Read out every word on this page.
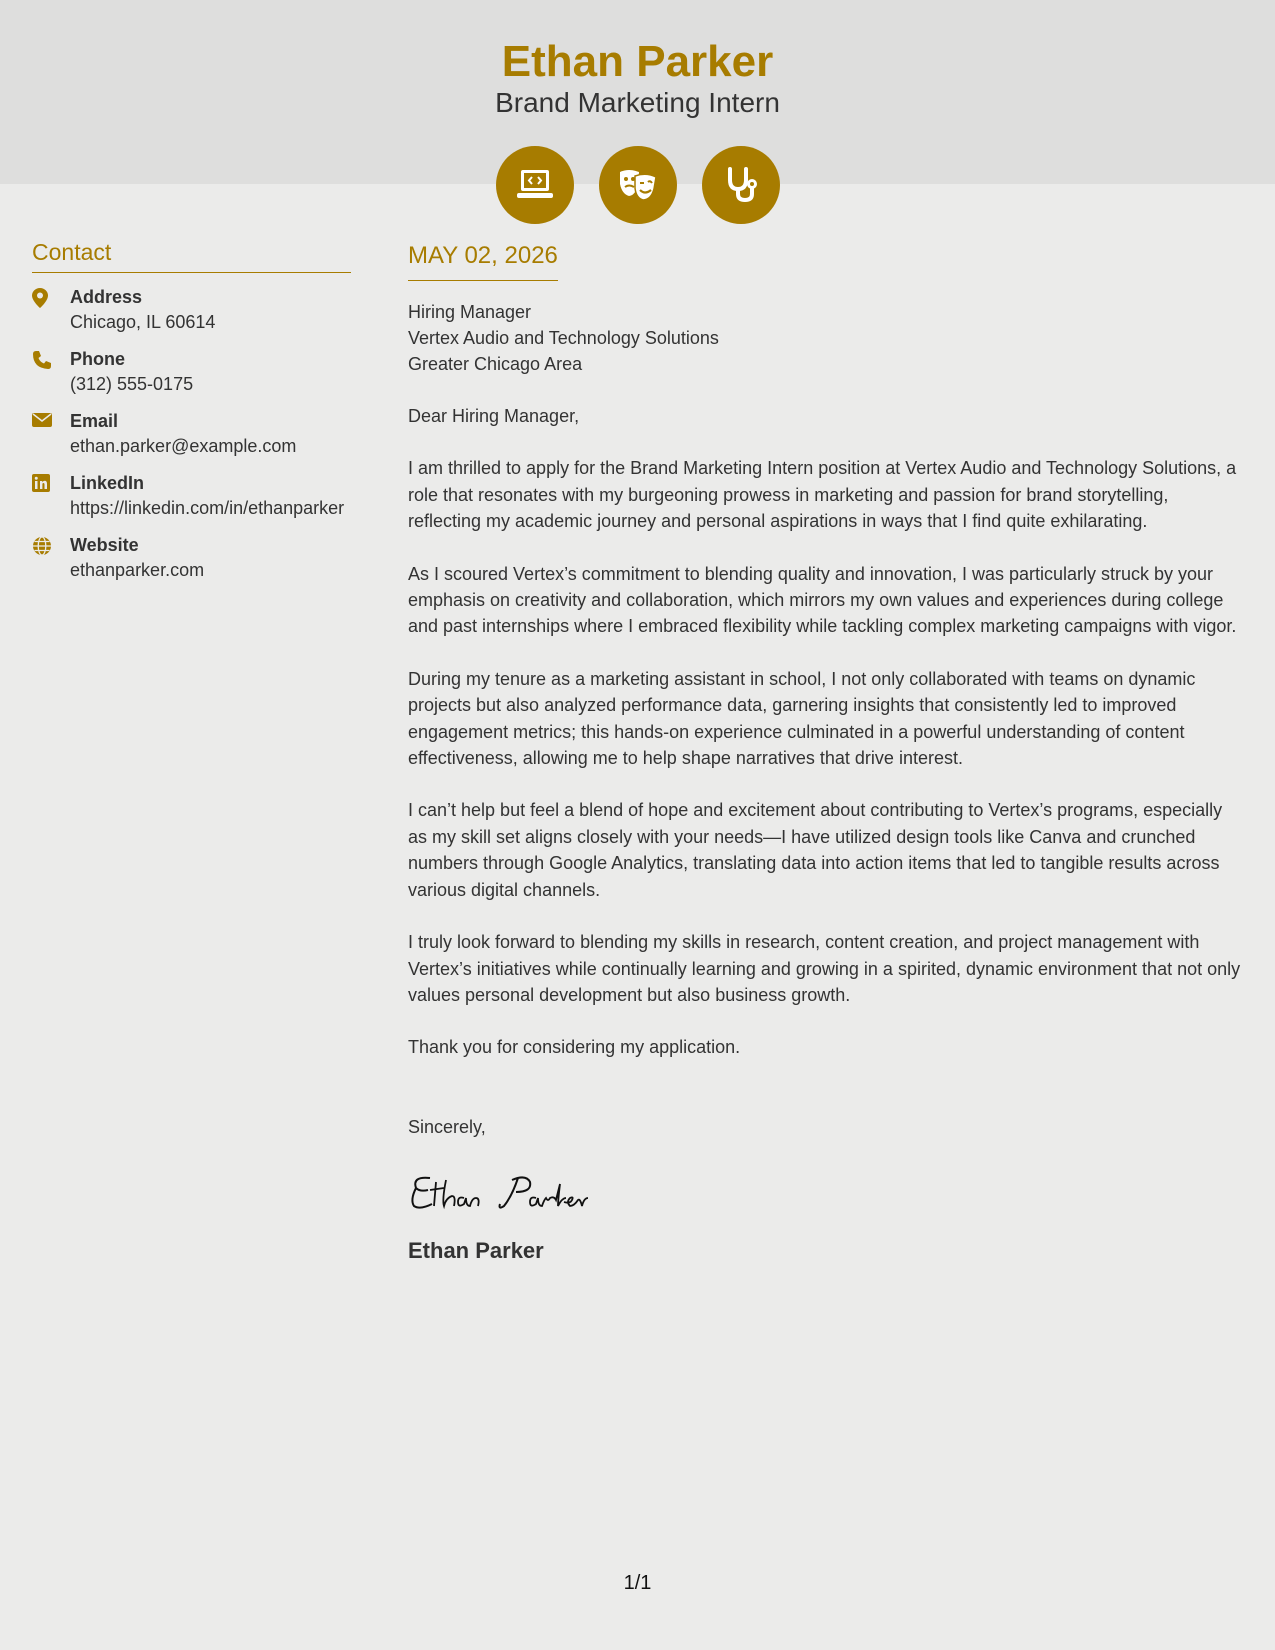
Ethan Parker
Brand Marketing Intern
Contact
Address
Chicago, IL 60614
Phone
(312) 555-0175
Email
ethan.parker@example.com
LinkedIn
https://linkedin.com/in/ethanparker
Website
ethanparker.com
MAY 02, 2026
Hiring Manager
Vertex Audio and Technology Solutions
Greater Chicago Area

Dear Hiring Manager,

I am thrilled to apply for the Brand Marketing Intern position at Vertex Audio and Technology Solutions, a role that resonates with my burgeoning prowess in marketing and passion for brand storytelling, reflecting my academic journey and personal aspirations in ways that I find quite exhilarating.

As I scoured Vertex’s commitment to blending quality and innovation, I was particularly struck by your emphasis on creativity and collaboration, which mirrors my own values and experiences during college and past internships where I embraced flexibility while tackling complex marketing campaigns with vigor.

During my tenure as a marketing assistant in school, I not only collaborated with teams on dynamic projects but also analyzed performance data, garnering insights that consistently led to improved engagement metrics; this hands-on experience culminated in a powerful understanding of content effectiveness, allowing me to help shape narratives that drive interest.

I can’t help but feel a blend of hope and excitement about contributing to Vertex’s programs, especially as my skill set aligns closely with your needs—I have utilized design tools like Canva and crunched numbers through Google Analytics, translating data into action items that led to tangible results across various digital channels.

I truly look forward to blending my skills in research, content creation, and project management with Vertex’s initiatives while continually learning and growing in a spirited, dynamic environment that not only values personal development but also business growth.

Thank you for considering my application.

Sincerely,
Ethan Parker
1/1
